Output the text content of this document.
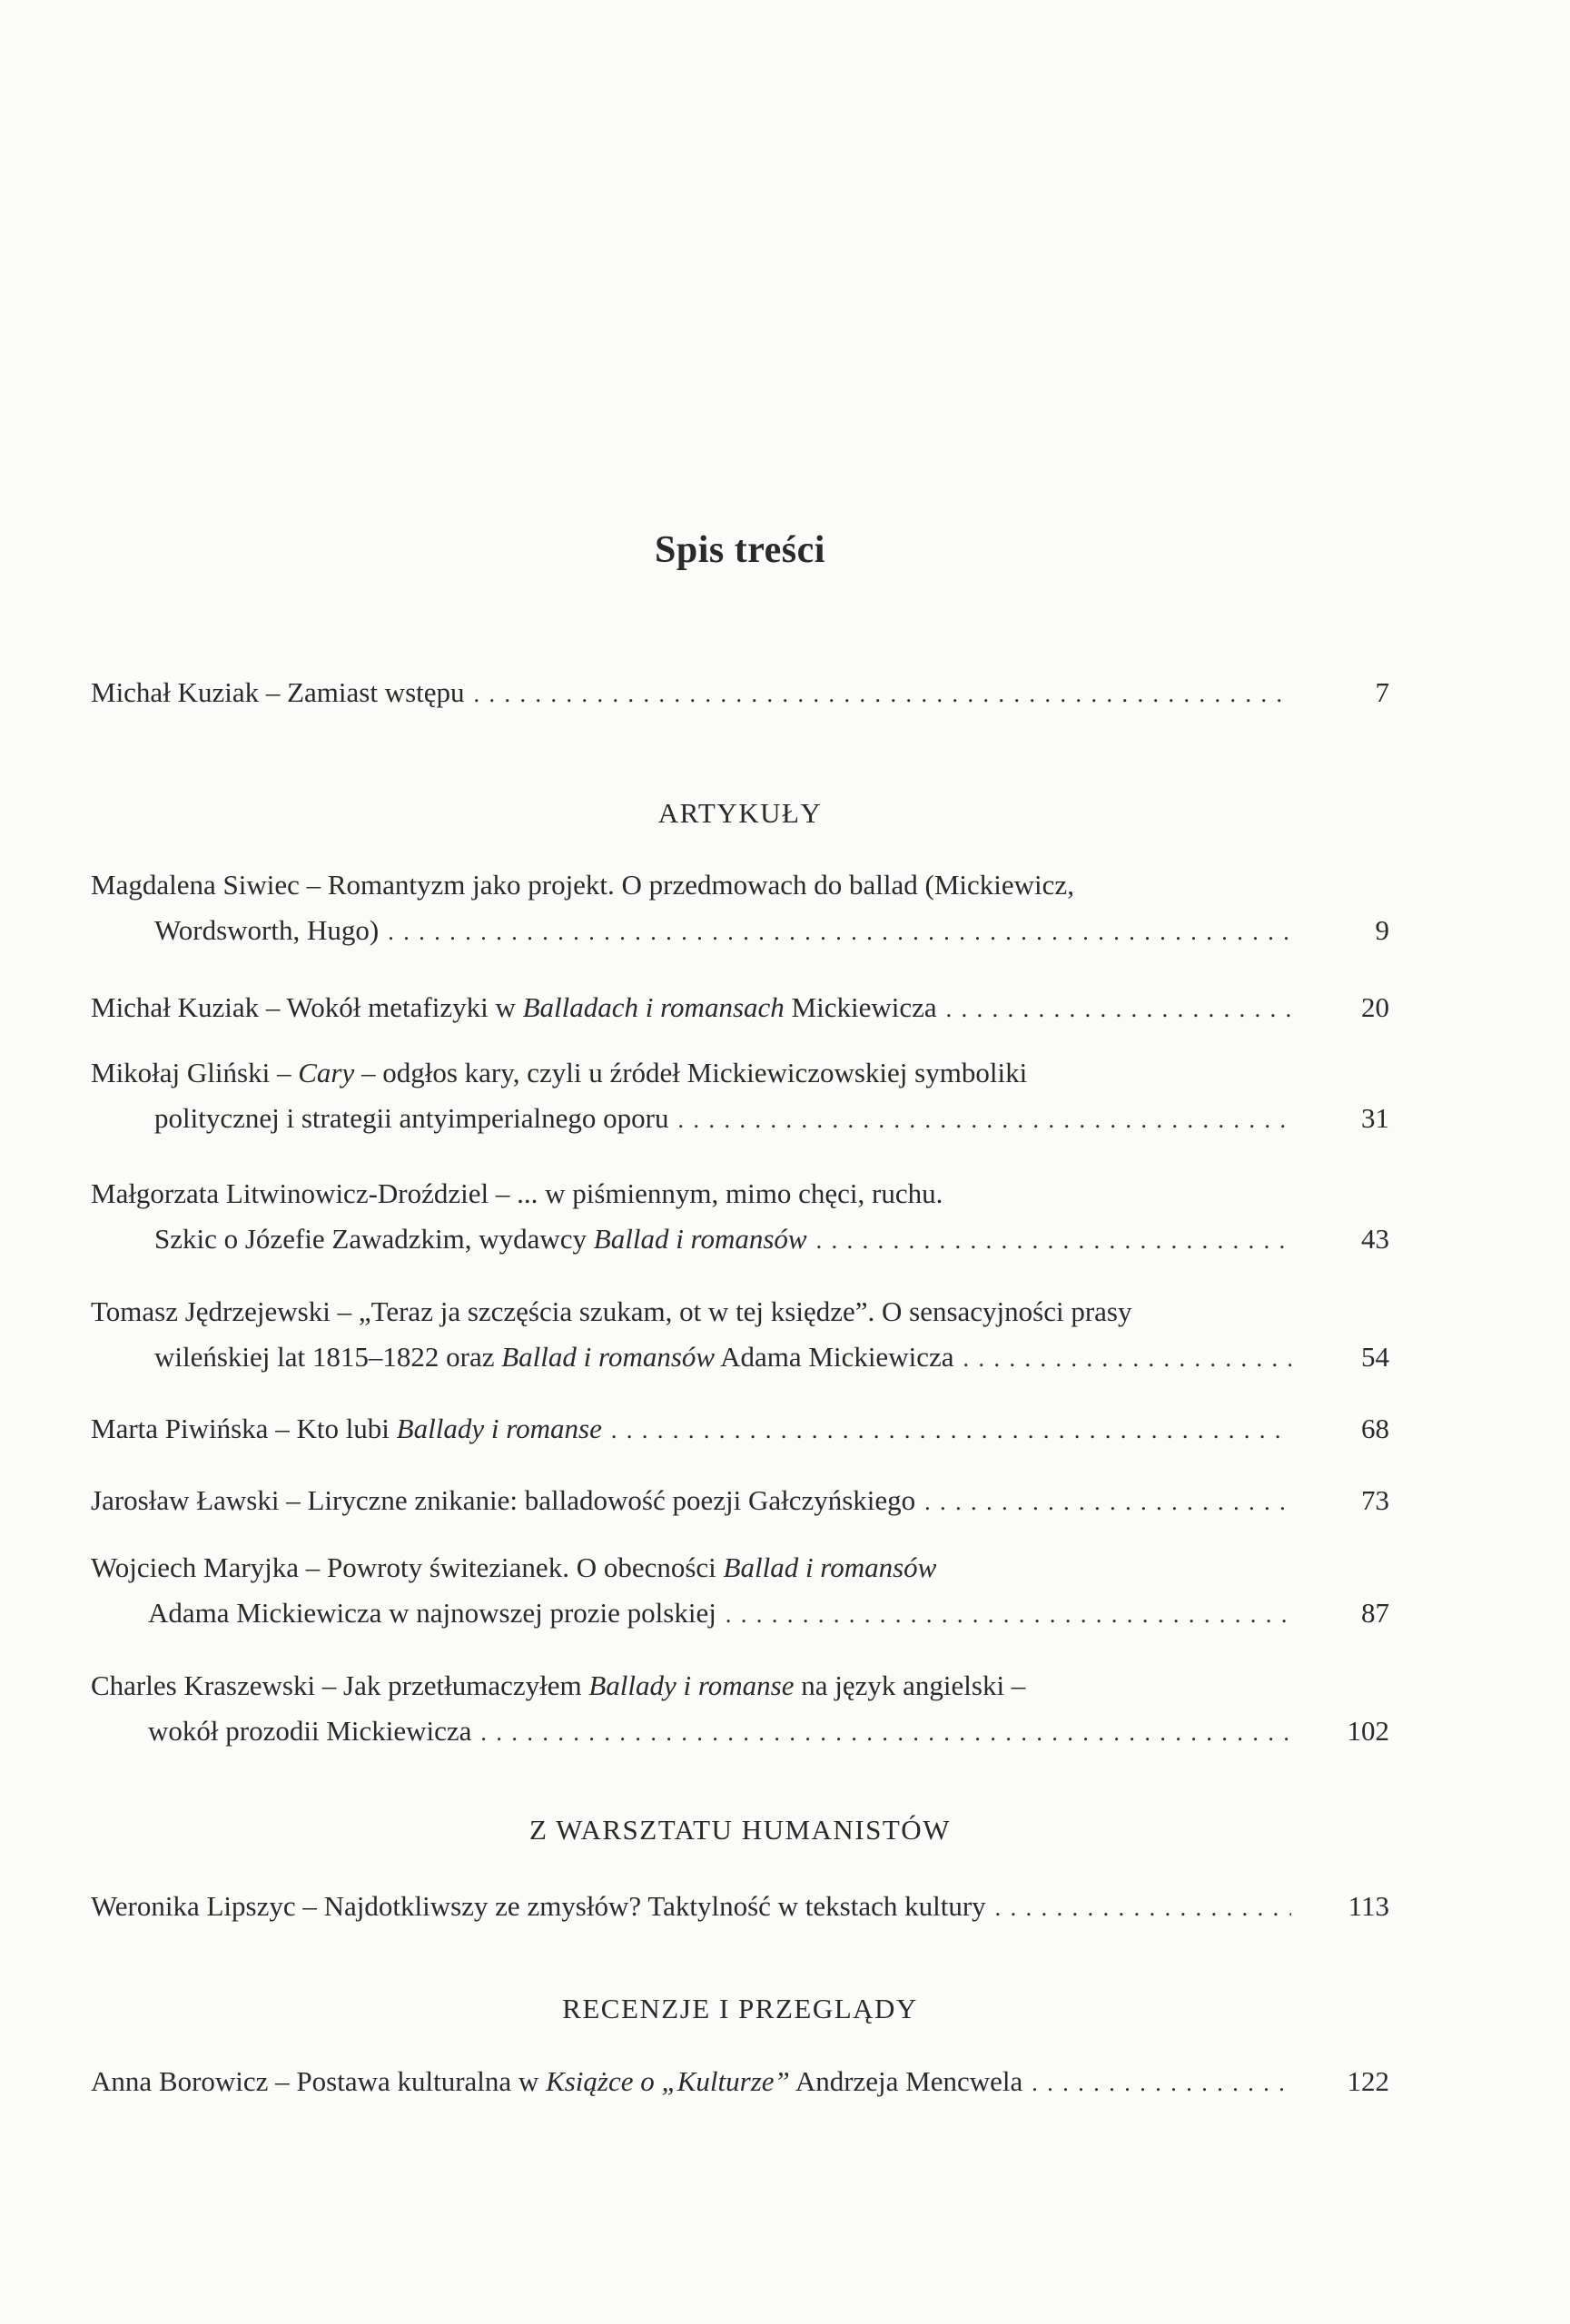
Spis treści
Michał Kuziak – Zamiast wstępu . . .	7
ARTYKUŁY
Magdalena Siwiec – Romantyzm jako projekt. O przedmowach do ballad (Mickiewicz,
Wordsworth, Hugo) . . .	9
Michał Kuziak – Wokół metafizyki w Balladach i romansach Mickiewicza . . .	20
Mikołaj Gliński – Cary – odgłos kary, czyli u źródeł Mickiewiczowskiej symboliki
politycznej i strategii antyimperialnego oporu . . .	31
Małgorzata Litwinowicz-Droździel – ... w piśmiennym, mimo chęci, ruchu.
Szkic o Józefie Zawadzkim, wydawcy Ballad i romansów . . .	43
Tomasz Jędrzejewski – „Teraz ja szczęścia szukam, ot w tej księdze”. O sensacyjności prasy
wileńskiej lat 1815–1822 oraz Ballad i romansów Adama Mickiewicza . . .	54
Marta Piwińska – Kto lubi Ballady i romanse . . .	68
Jarosław Ławski – Liryczne znikanie: balladowość poezji Gałczyńskiego . . .	73
Wojciech Maryjka – Powroty świtezianek. O obecności Ballad i romansów
Adama Mickiewicza w najnowszej prozie polskiej . . .	87
Charles Kraszewski – Jak przetłumaczyłem Ballady i romanse na język angielski –
wokół prozodii Mickiewicza . . .	102
Z WARSZTATU HUMANISTÓW
Weronika Lipszyc – Najdotkliwszy ze zmysłów? Taktylność w tekstach kultury . . .	113
RECENZJE I PRZEGLĄDY
Anna Borowicz – Postawa kulturalna w Książce o „Kulturze” Andrzeja Mencwela . . .	122
